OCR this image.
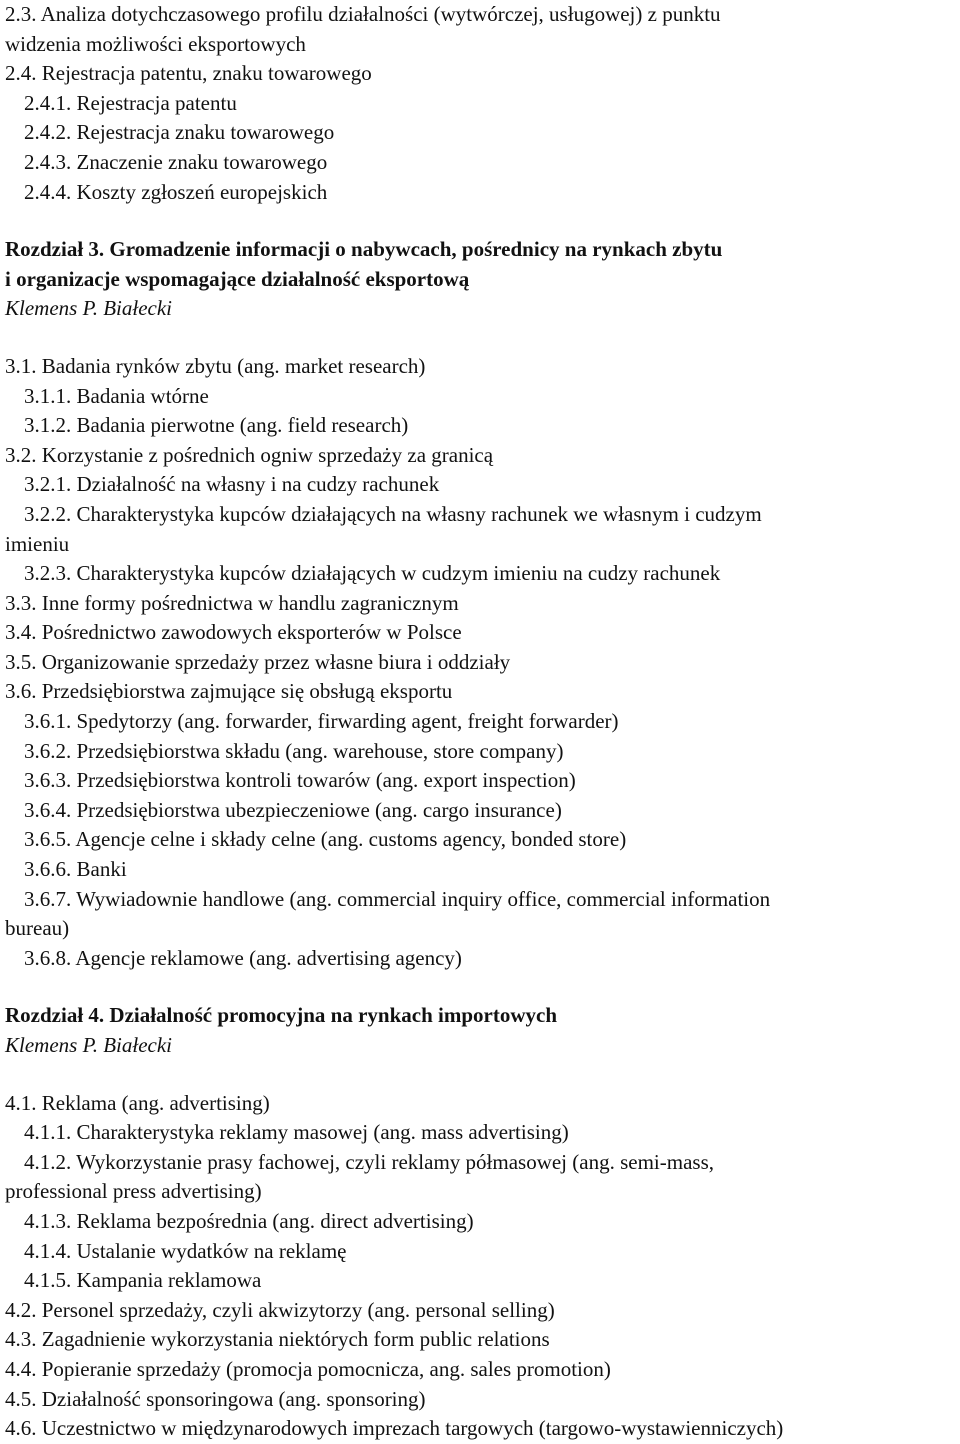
2.3. Analiza dotychczasowego profilu działalności (wytwórczej, usługowej) z punktu
widzenia możliwości eksportowych
2.4. Rejestracja patentu, znaku towarowego
2.4.1. Rejestracja patentu
2.4.2. Rejestracja znaku towarowego
2.4.3. Znaczenie znaku towarowego
2.4.4. Koszty zgłoszeń europejskich
Rozdział 3. Gromadzenie informacji o nabywcach, pośrednicy na rynkach zbytu
i organizacje wspomagające działalność eksportową
Klemens P. Białecki
3.1. Badania rynków zbytu (ang. market research)
3.1.1. Badania wtórne
3.1.2. Badania pierwotne (ang. field research)
3.2. Korzystanie z pośrednich ogniw sprzedaży za granicą
3.2.1. Działalność na własny i na cudzy rachunek
3.2.2. Charakterystyka kupców działających na własny rachunek we własnym i cudzym
imieniu
3.2.3. Charakterystyka kupców działających w cudzym imieniu na cudzy rachunek
3.3. Inne formy pośrednictwa w handlu zagranicznym
3.4. Pośrednictwo zawodowych eksporterów w Polsce
3.5. Organizowanie sprzedaży przez własne biura i oddziały
3.6. Przedsiębiorstwa zajmujące się obsługą eksportu
3.6.1. Spedytorzy (ang. forwarder, firwarding agent, freight forwarder)
3.6.2. Przedsiębiorstwa składu (ang. warehouse, store company)
3.6.3. Przedsiębiorstwa kontroli towarów (ang. export inspection)
3.6.4. Przedsiębiorstwa ubezpieczeniowe (ang. cargo insurance)
3.6.5. Agencje celne i składy celne (ang. customs agency, bonded store)
3.6.6. Banki
3.6.7. Wywiadownie handlowe (ang. commercial inquiry office, commercial information
bureau)
3.6.8. Agencje reklamowe (ang. advertising agency)
Rozdział 4. Działalność promocyjna na rynkach importowych
Klemens P. Białecki
4.1. Reklama (ang. advertising)
4.1.1. Charakterystyka reklamy masowej (ang. mass advertising)
4.1.2. Wykorzystanie prasy fachowej, czyli reklamy półmasowej (ang. semi-mass,
professional press advertising)
4.1.3. Reklama bezpośrednia (ang. direct advertising)
4.1.4. Ustalanie wydatków na reklamę
4.1.5. Kampania reklamowa
4.2. Personel sprzedaży, czyli akwizytorzy (ang. personal selling)
4.3. Zagadnienie wykorzystania niektórych form public relations
4.4. Popieranie sprzedaży (promocja pomocnicza, ang. sales promotion)
4.5. Działalność sponsoringowa (ang. sponsoring)
4.6. Uczestnictwo w międzynarodowych imprezach targowych (targowo-wystawienniczych)
